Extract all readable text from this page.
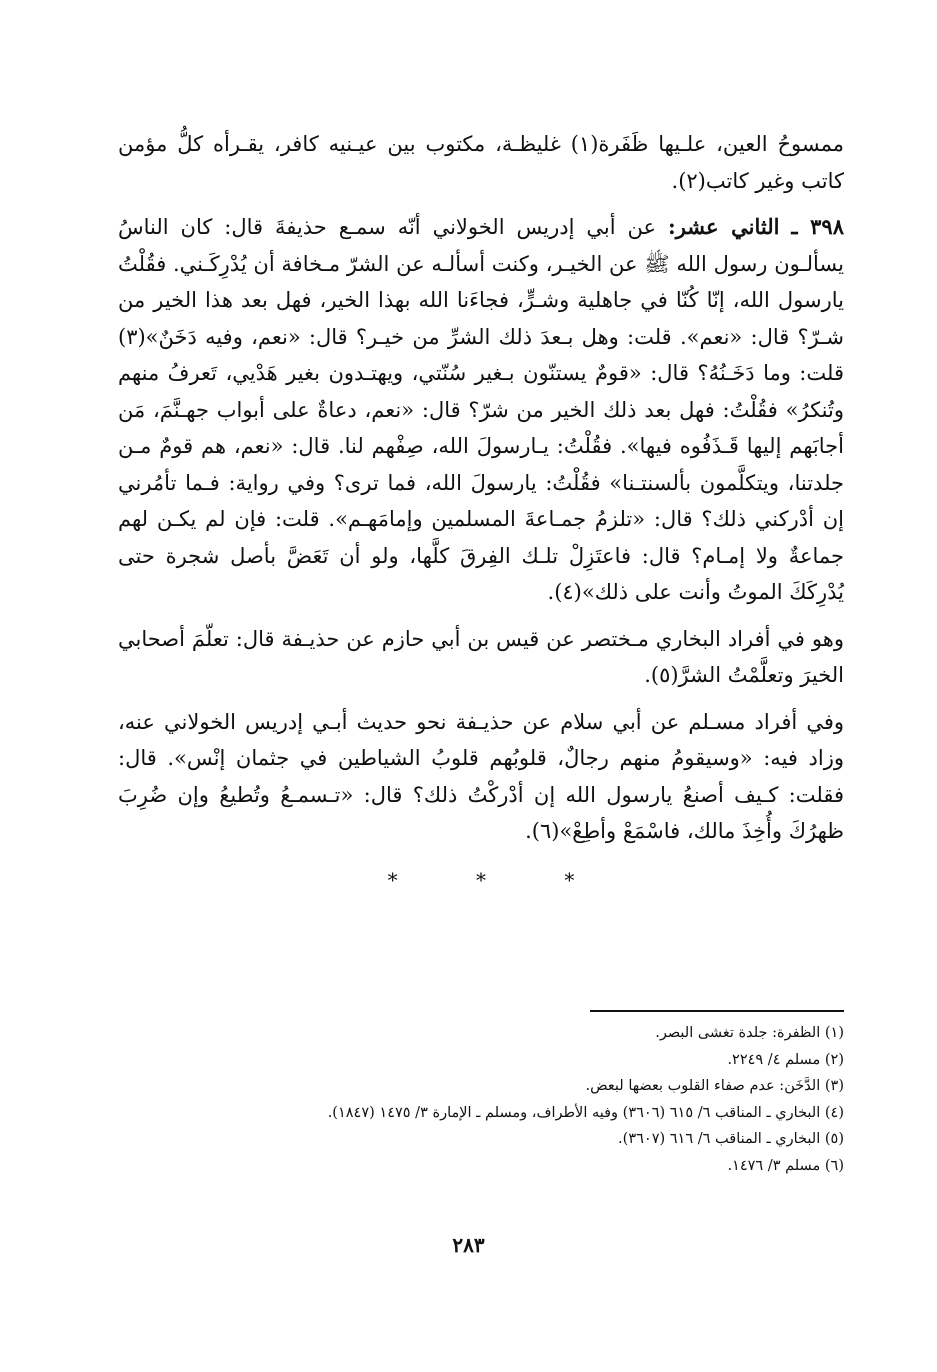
ممسوحُ العين، علـيها ظَفَرة(١) غليظـة، مكتوب بين عيـنيه كافر، يقـرأه كلُّ مؤمن كاتب وغير كاتب(٢).

٣٩٨ ـ الثاني عشر: عن أبي إدريس الخولاني أنّه سمـع حذيفةَ قال: كان الناسُ يسألـون رسول الله ﷺ عن الخيـر، وكنت أسألـه عن الشرّ مـخافة أن يُدْرِكَـني. فقُلْتُ يارسول الله، إنّا كُنّا في جاهلية وشـرٍّ، فجاءَنا الله بهذا الخير، فهل بعد هذا الخير من شـرّ؟ قال: «نعم». قلت: وهل بـعدَ ذلك الشرِّ من خيـر؟ قال: «نعم، وفيه دَخَنٌ»(٣) قلت: وما دَخَـنُهُ؟ قال: «قومٌ يستنّون بـغير سُنّتي، ويهتـدون بغير هَدْيي، تَعرفُ منهم وتُنكرُ» فقُلْتُ: فهل بعد ذلك الخير من شرّ؟ قال: «نعم، دعاةٌ على أبواب جهـنَّمَ، مَن أجابَهم إليها قَـذَفُوه فيها». فقُلْتُ: يـارسولَ الله، صِفْهم لنا. قال: «نعم، هم قومٌ مـن جلدتنا، ويتكلَّمون بألسنتـنا» فقُلْتُ: يارسولَ الله، فما ترى؟ وفي رواية: فـما تأمُرني إن أدْركني ذلك؟ قال: «تلزمُ جمـاعةَ المسلمين وإمامَهـم». قلت: فإن لم يكـن لهم جماعةٌ ولا إمـام؟ قال: فاعتَزِلْ تلـك الفِرقَ كلَّها، ولو أن تَعَضَّ بأصل شجرة حتى يُدْرِكَكَ الموتُ وأنت على ذلك»(٤).

وهو في أفراد البخاري مـختصر عن قيس بن أبي حازم عن حذيـفة قال: تعلّمَ أصحابي الخيرَ وتعلَّمْتُ الشرَّ(٥).

وفي أفراد مسـلم عن أبي سلام عن حذيـفة نحو حديث أبـي إدريس الخولاني عنه، وزاد فيه: «وسيقومُ منهم رجالٌ، قلوبُهم قلوبُ الشياطين في جثمان إنْس». قال: فقلت: كـيف أصنعُ يارسول الله إن أدْركْتُ ذلك؟ قال: «تـسمـعُ وتُطيعُ وإن ضُرِبَ ظهرُكَ وأُخِذَ مالك، فاسْمَعْ وأطِعْ»(٦).

* * *

(١) الظفرة: جلدة تغشى البصر.

(٢) مسلم ٤/ ٢٢٤٩.

(٣) الدَّخَن: عدم صفاء القلوب بعضها لبعض.

(٤) البخاري ـ المناقب ٦/ ٦١٥ (٣٦٠٦) وفيه الأطراف، ومسلم ـ الإمارة ٣/ ١٤٧٥ (١٨٤٧).

(٥) البخاري ـ المناقب ٦/ ٦١٦ (٣٦٠٧).

(٦) مسلم ٣/ ١٤٧٦.

٢٨٣
